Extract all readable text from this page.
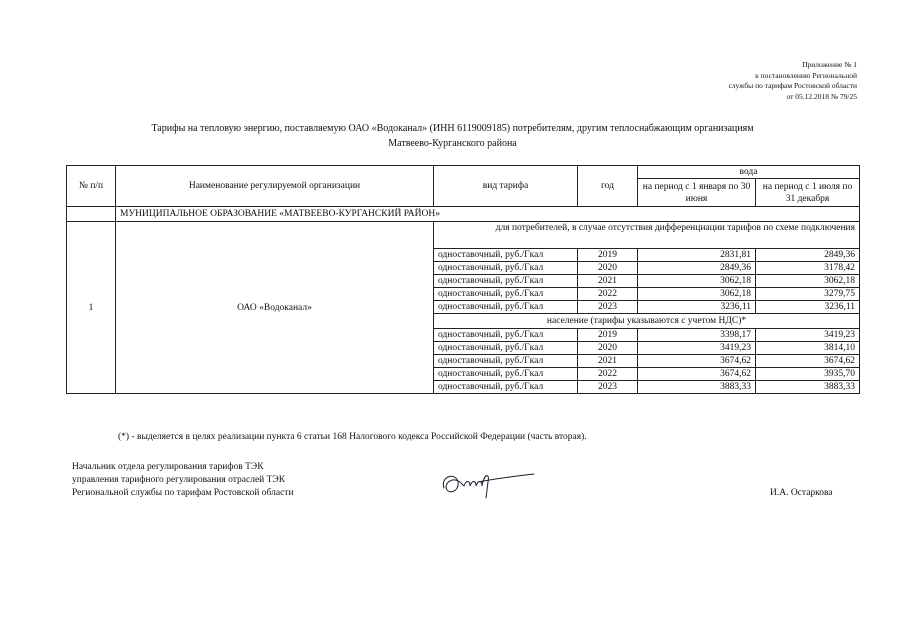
Приложение № 1
к постановлению Региональной
службы по тарифам Ростовской области
от 05.12.2018 № 79/25
Тарифы на тепловую энергию, поставляемую ОАО «Водоканал» (ИНН 6119009185) потребителям, другим теплоснабжающим организациям
Матвеево-Курганского района
№ п/п	Наименование регулируемой организации	вид тарифа	год	вода	
				на период с 1 января по 30 июня	на период с 1 июля по 31 декабря
	МУНИЦИПАЛЬНОЕ ОБРАЗОВАНИЕ «МАТВЕЕВО-КУРГАНСКИЙ РАЙОН»				
1	ОАО «Водоканал»	для потребителей, в случае отсутствия дифференциации тарифов по схеме подключения			
		одноставочный, руб./Гкал	2019	2831,81	2849,36
		одноставочный, руб./Гкал	2020	2849,36	3178,42
		одноставочный, руб./Гкал	2021	3062,18	3062,18
		одноставочный, руб./Гкал	2022	3062,18	3279,75
		одноставочный, руб./Гкал	2023	3236,11	3236,11
		население (тарифы указываются с учетом НДС)*			
		одноставочный, руб./Гкал	2019	3398,17	3419,23
		одноставочный, руб./Гкал	2020	3419,23	3814,10
		одноставочный, руб./Гкал	2021	3674,62	3674,62
		одноставочный, руб./Гкал	2022	3674,62	3935,70
		одноставочный, руб./Гкал	2023	3883,33	3883,33
(*) - выделяется в целях реализации пункта 6 статьи 168 Налогового кодекса Российской Федерации (часть вторая).
Начальник отдела регулирования тарифов ТЭК
управления тарифного регулирования отраслей ТЭК
Региональной службы по тарифам Ростовской области	И.А. Остаркова
